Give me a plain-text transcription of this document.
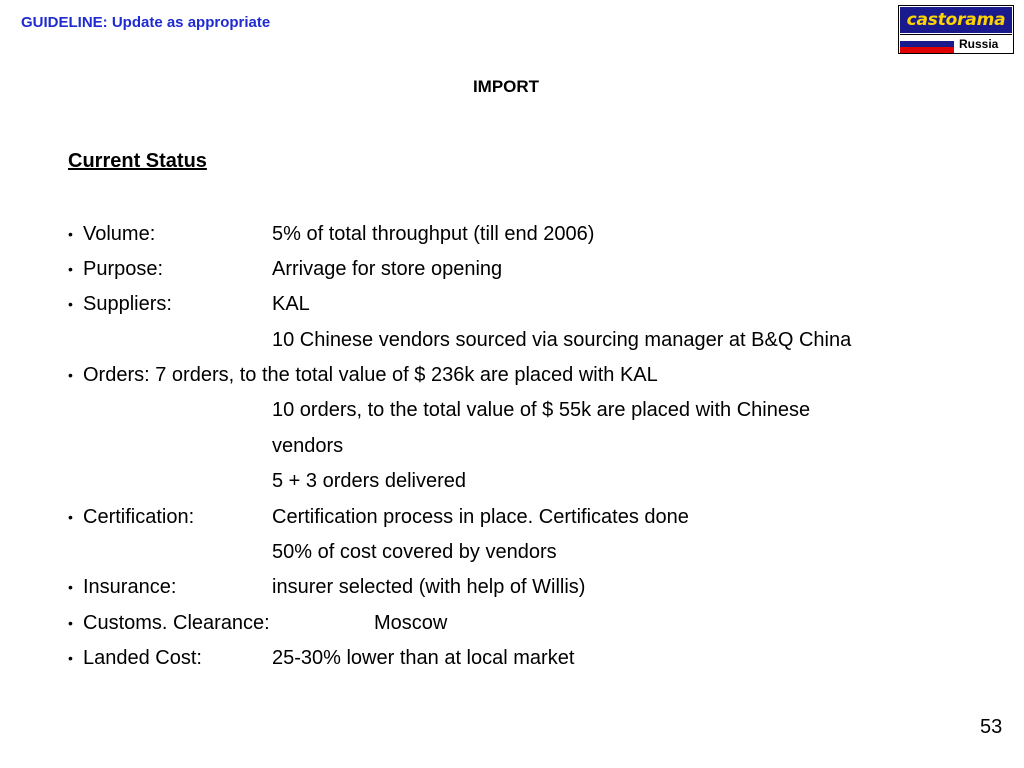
GUIDELINE: Update as appropriate	castorama
Russia
IMPORT
Current Status
• Volume:	5% of total throughput (till end 2006)
• Purpose:	Arrivage for store opening
• Suppliers:	KAL
10 Chinese vendors sourced via sourcing manager at B&Q China
• Orders: 7 orders, to the total value of $ 236k are placed with KAL
10 orders, to the total value of $ 55k are placed with Chinese
vendors
5 + 3 orders delivered
• Certification:	Certification process in place. Certificates done
50% of cost covered by vendors
• Insurance:	insurer selected (with help of Willis)
• Customs. Clearance:	Moscow
• Landed Cost:	25-30% lower than at local market
53
